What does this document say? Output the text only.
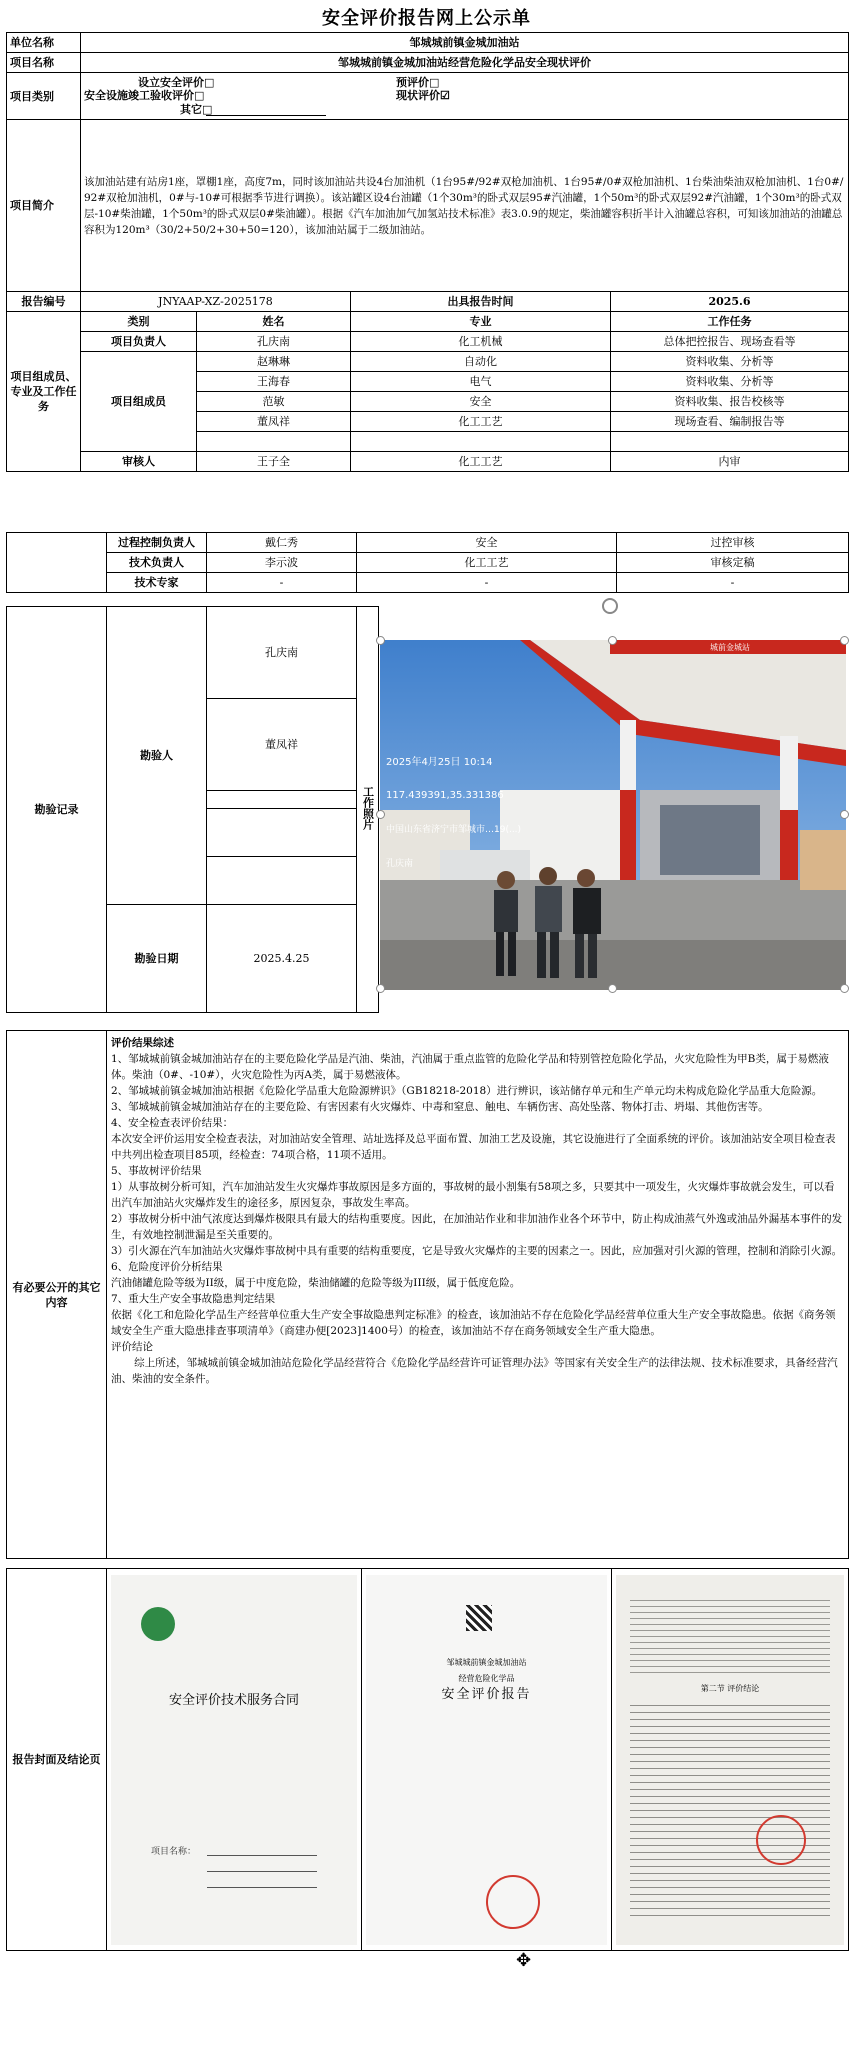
安全评价报告网上公示单
单位名称	邹城城前镇金城加油站			
项目名称	邹城城前镇金城加油站经营危险化学品安全现状评价			
项目类别	设立安全评价□ 预评价□
安全设施竣工验收评价□ 现状评价☑
其它□			

项目简介	该加油站建有站房1座，罩棚1座，高度7m，同时该加油站共设4台加油机（1台95#/92#双枪加油机、1台95#/0#双枪加油机、1台柴油柴油双枪加油机、1台0#/92#双枪加油机，0#与-10#可根据季节进行调换）。该站罐区设4台油罐（1个30m³的卧式双层95#汽油罐，1个50m³的卧式双层92#汽油罐，1个30m³的卧式双层-10#柴油罐，1个50m³的卧式双层0#柴油罐）。根据《汽车加油加气加氢站技术标准》表3.0.9的规定，柴油罐容积折半计入油罐总容积，可知该加油站的油罐总容积为120m³（30/2+50/2+30+50=120），该加油站属于二级加油站。			
报告编号	JNYAAP-XZ-2025178		出具报告时间	2025.6
项目组成员、专业及工作任务	类别	姓名	专业	工作任务
	项目负责人	孔庆南	化工机械	总体把控报告、现场查看等
	项目组成员	赵琳琳	自动化	资料收集、分析等
		王海春	电气	资料收集、分析等
		范敏	安全	资料收集、报告校核等
		董凤祥	化工工艺	现场查看、编制报告等

	审核人	王子全	化工工艺	内审
	过程控制负责人	戴仁秀	安全	过控审核
	技术负责人	李示波	化工工艺	审核定稿
	技术专家	-	-	-
勘验记录	勘验人	孔庆南	工作照片	
		董凤祥		

	勘验日期	2025.4.25		
2025年4月25日 10:14
117.439391,35.331386
中国山东省济宁市邹城市…19(...)
孔庆南
城前金城站
有必要公开的其它内容	

评价结果综述

1、邹城城前镇金城加油站存在的主要危险化学品是汽油、柴油，汽油属于重点监管的危险化学品和特别管控危险化学品，火灾危险性为甲B类，属于易燃液体。柴油（0#、-10#），火灾危险性为丙A类，属于易燃液体。

2、邹城城前镇金城加油站根据《危险化学品重大危险源辨识》（GB18218-2018）进行辨识，该站储存单元和生产单元均未构成危险化学品重大危险源。

3、邹城城前镇金城加油站存在的主要危险、有害因素有火灾爆炸、中毒和窒息、触电、车辆伤害、高处坠落、物体打击、坍塌、其他伤害等。

4、安全检查表评价结果：

本次安全评价运用安全检查表法，对加油站安全管理、站址选择及总平面布置、加油工艺及设施，其它设施进行了全面系统的评价。该加油站安全项目检查表中共列出检查项目85项，经检查：74项合格，11项不适用。

5、事故树评价结果

1）从事故树分析可知，汽车加油站发生火灾爆炸事故原因是多方面的，事故树的最小割集有58项之多，只要其中一项发生，火灾爆炸事故就会发生，可以看出汽车加油站火灾爆炸发生的途径多，原因复杂，事故发生率高。

2）事故树分析中油气浓度达到爆炸极限具有最大的结构重要度。因此，在加油站作业和非加油作业各个环节中，防止构成油蒸气外逸或油品外漏基本事件的发生，有效地控制泄漏是至关重要的。

3）引火源在汽车加油站火灾爆炸事故树中具有重要的结构重要度，它是导致火灾爆炸的主要的因素之一。因此，应加强对引火源的管理，控制和消除引火源。

6、危险度评价分析结果

汽油储罐危险等级为II级，属于中度危险，柴油储罐的危险等级为III级，属于低度危险。

7、重大生产安全事故隐患判定结果

依据《化工和危险化学品生产经营单位重大生产安全事故隐患判定标准》的检查，该加油站不存在危险化学品经营单位重大生产安全事故隐患。依据《商务领域安全生产重大隐患排查事项清单》（商建办便[2023]1400号）的检查，该加油站不存在商务领域安全生产重大隐患。

评价结论

综上所述，邹城城前镇金城加油站危险化学品经营符合《危险化学品经营许可证管理办法》等国家有关安全生产的法律法规、技术标准要求，具备经营汽油、柴油的安全条件。

报告封面及结论页	
安全评价技术服务合同
项目名称：

邹城城前镇金城加油站
经营危险化学品
安全评价报告	第二节 评价结论
✥
